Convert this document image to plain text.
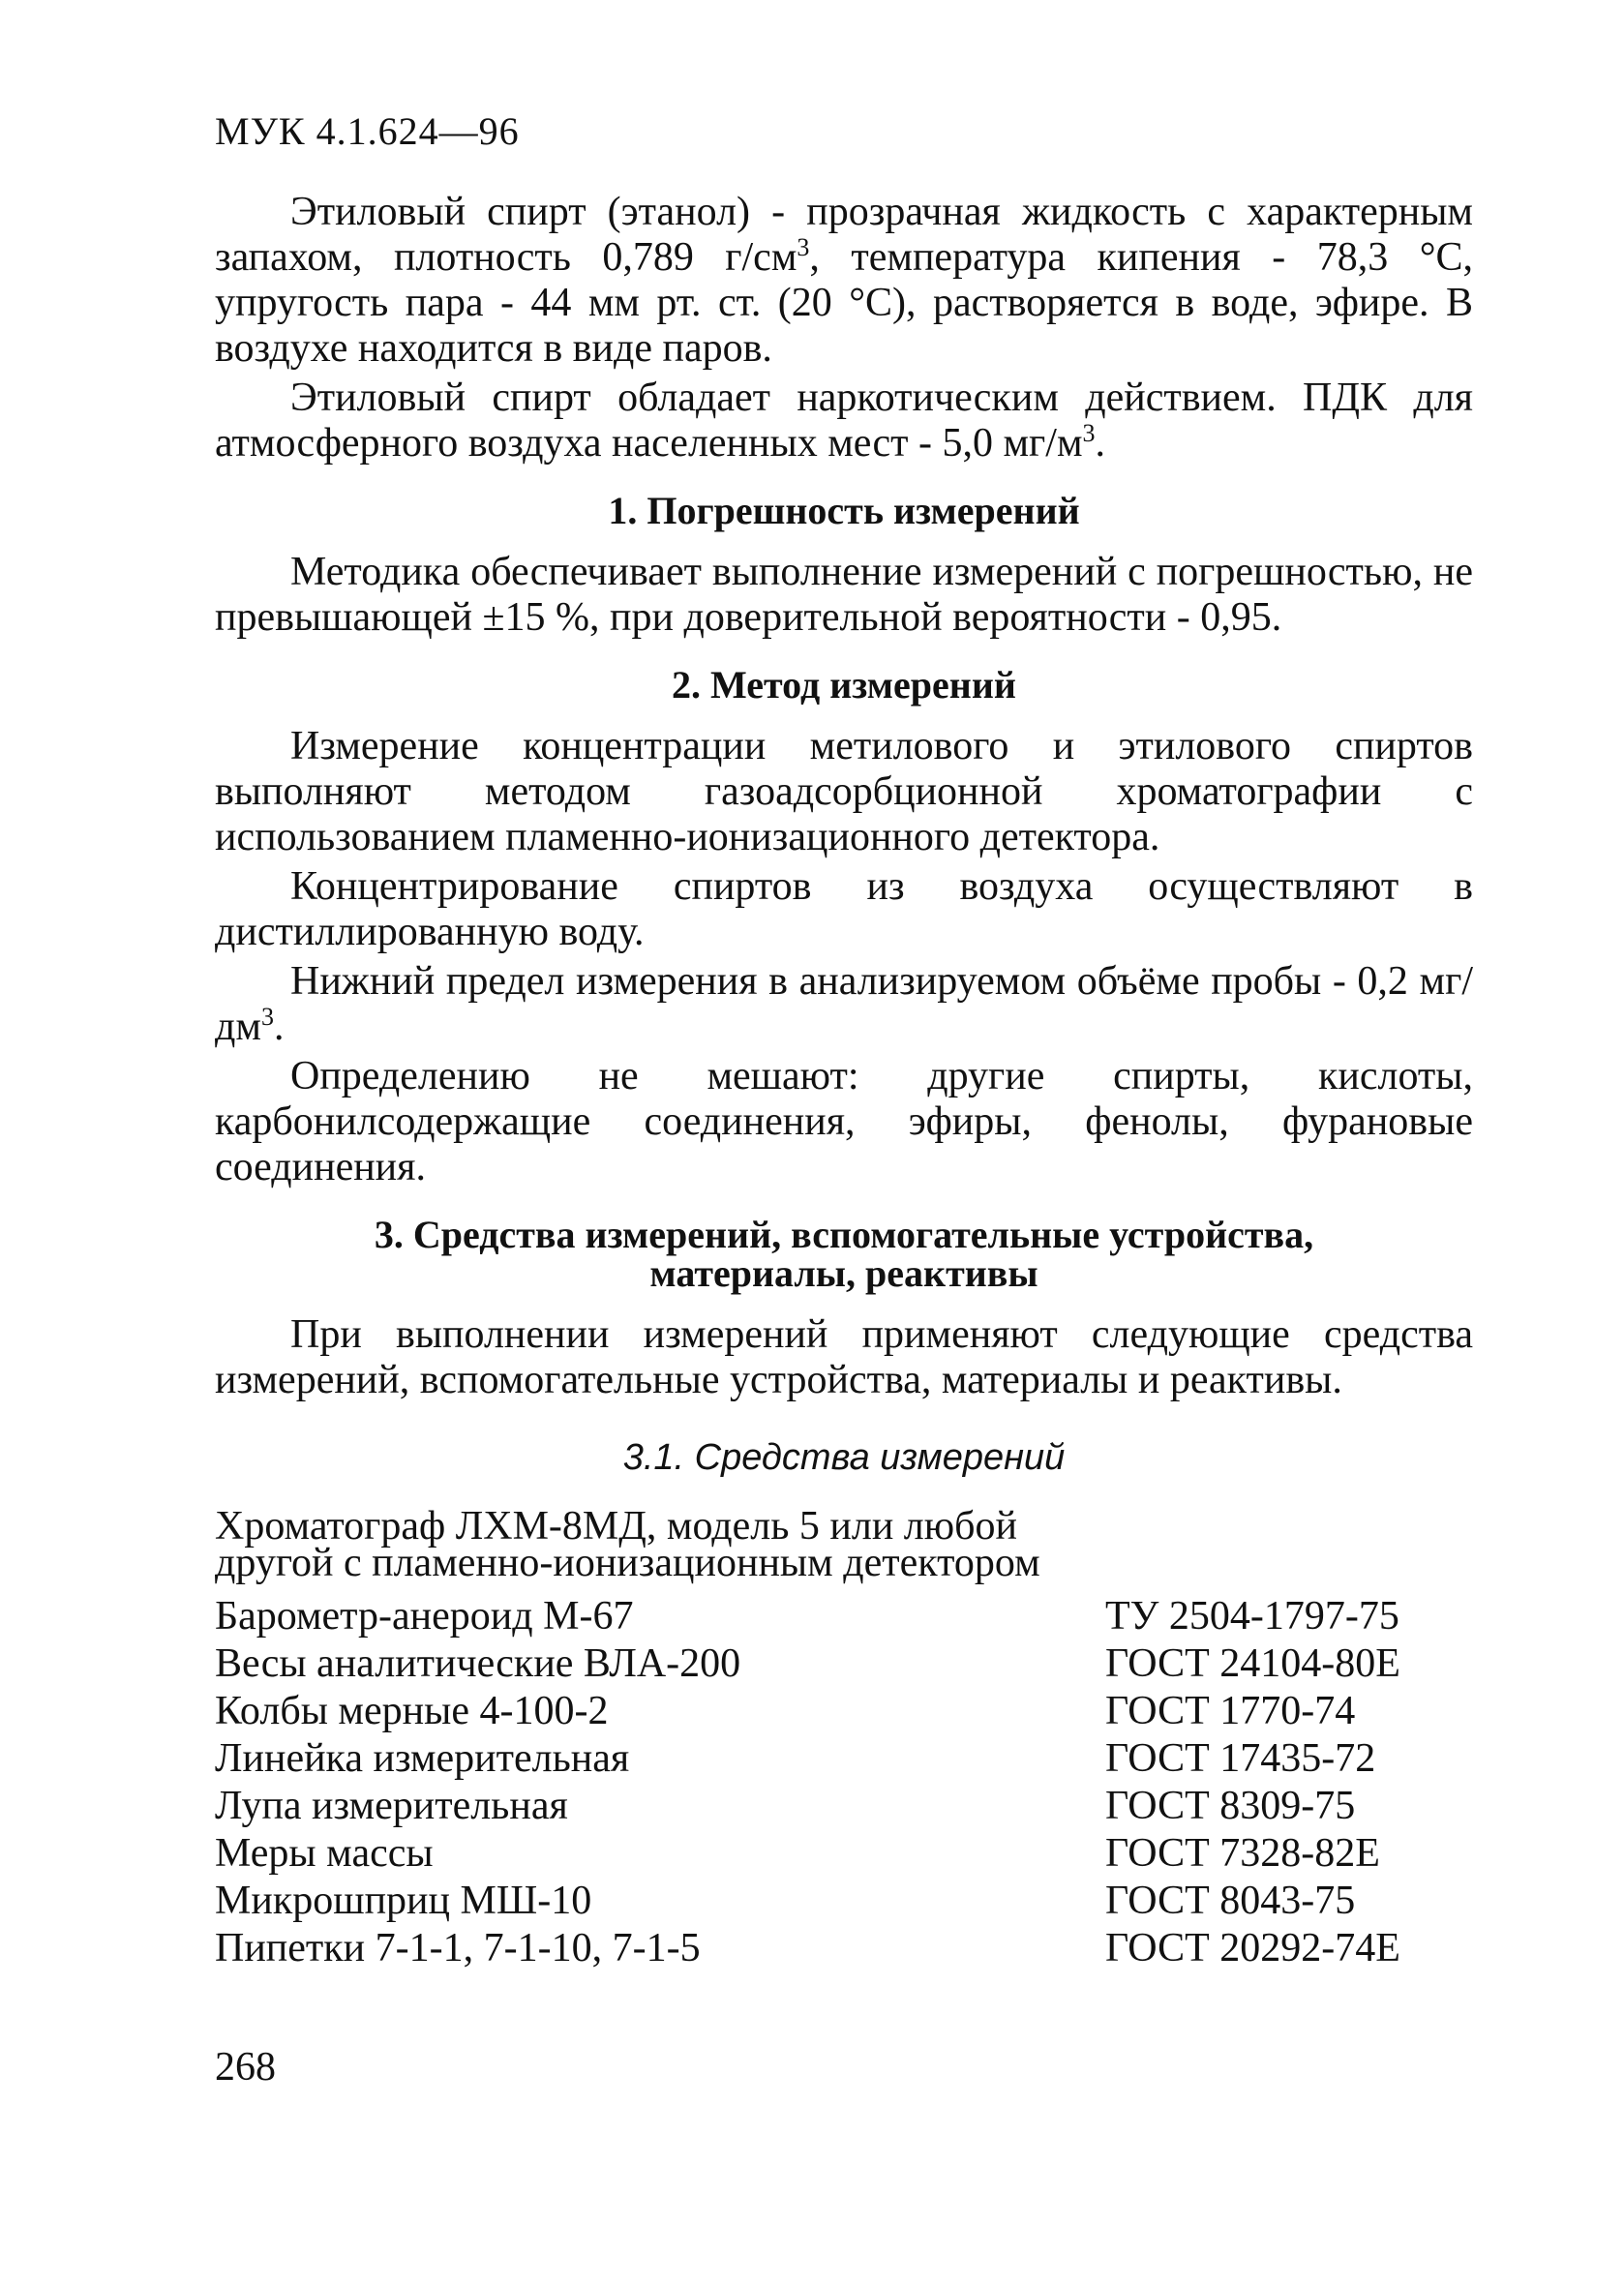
МУК 4.1.624—96

Этиловый спирт (этанол) - прозрачная жидкость с характерным запахом, плотность 0,789 $г/см^3$, температура кипения - 78,3 °С, упругость пара - 44 мм рт. ст. (20 °С), растворяется в воде, эфире. В воздухе находится в виде паров.

Этиловый спирт обладает наркотическим действием. ПДК для атмосферного воздуха населенных мест - 5,0 $мг/м^3$.

1. Погрешность измерений

Методика обеспечивает выполнение измерений с погрешностью, не превышающей ±15 %, при доверительной вероятности - 0,95.

2. Метод измерений

Измерение концентрации метилового и этилового спиртов выполняют методом газоадсорбционной хроматографии с использованием пламенно-ионизационного детектора.

Концентрирование спиртов из воздуха осуществляют в дистиллированную воду.

Нижний предел измерения в анализируемом объёме пробы - 0,2 $мг/дм^3$.

Определению не мешают: другие спирты, кислоты, карбонилсодержащие соединения, эфиры, фенолы, фурановые соединения.

3. Средства измерений, вспомогательные устройства,
материалы, реактивы

При выполнении измерений применяют следующие средства измерений, вспомогательные устройства, материалы и реактивы.

3.1. Средства измерений
Хроматограф ЛХМ-8МД, модель 5 или любой
другой с пламенно-ионизационным детектором
Барометр-анероид М-67	ТУ 2504-1797-75
Весы аналитические ВЛА-200	ГОСТ 24104-80Е
Колбы мерные 4-100-2	ГОСТ 1770-74
Линейка измерительная	ГОСТ 17435-72
Лупа измерительная	ГОСТ 8309-75
Меры массы	ГОСТ 7328-82Е
Микрошприц МШ-10	ГОСТ 8043-75
Пипетки 7-1-1, 7-1-10, 7-1-5	ГОСТ 20292-74Е
268
